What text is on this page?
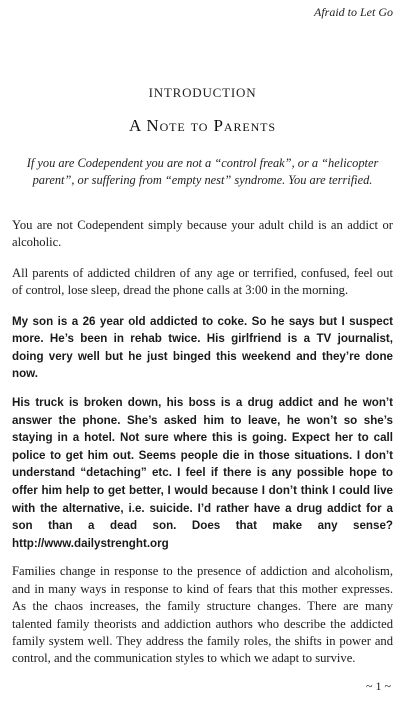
Afraid to Let Go
INTRODUCTION
A Note to Parents
If you are Codependent you are not a “control freak”, or a “helicopter parent”, or suffering from “empty nest” syndrome. You are terrified.

You are not Codependent simply because your adult child is an addict or alcoholic.

All parents of addicted children of any age or terrified, confused, feel out of control, lose sleep, dread the phone calls at 3:00 in the morning.

My son is a 26 year old addicted to coke. So he says but I suspect more. He’s been in rehab twice. His girlfriend is a TV journalist, doing very well but he just binged this weekend and they’re done now.

His truck is broken down, his boss is a drug addict and he won’t answer the phone. She’s asked him to leave, he won’t so she’s staying in a hotel. Not sure where this is going. Expect her to call police to get him out. Seems people die in those situations. I don’t understand “detaching” etc. I feel if there is any possible hope to offer him help to get better, I would because I don’t think I could live with the alternative, i.e. suicide. I’d rather have a drug addict for a son than a dead son. Does that make any sense? http://www.dailystrenght.org

Families change in response to the presence of addiction and alcoholism, and in many ways in response to kind of fears that this mother expresses. As the chaos increases, the family structure changes. There are many talented family theorists and addiction authors who describe the addicted family system well. They address the family roles, the shifts in power and control, and the communication styles to which we adapt to survive.

~ 1 ~
